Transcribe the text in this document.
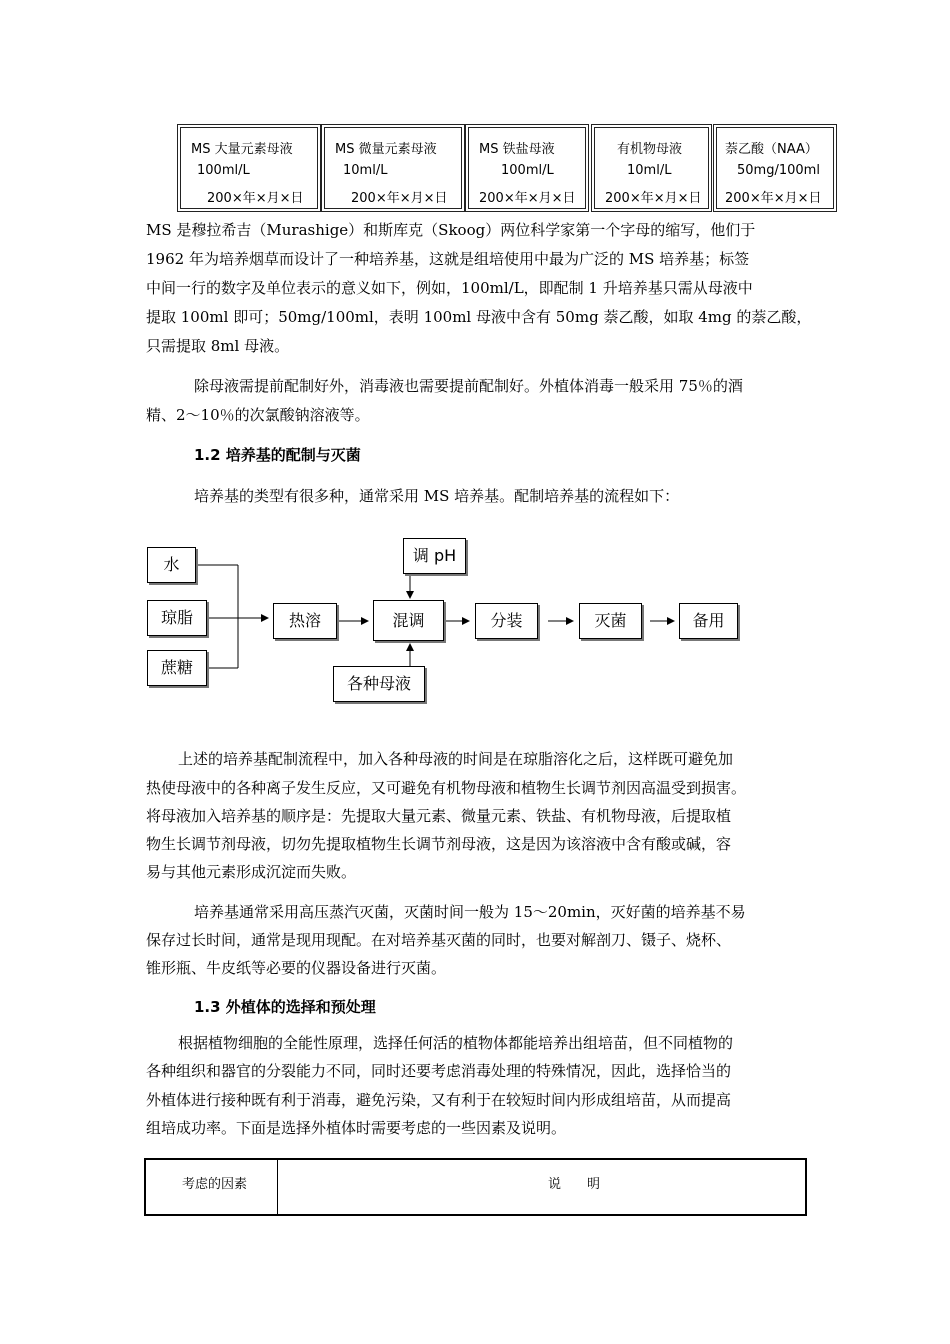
MS 大量元素母液
100ml/L
200×年×月×日
MS 微量元素母液
10ml/L
200×年×月×日
MS 铁盐母液
100ml/L
200×年×月×日
有机物母液
10ml/L
200×年×月×日
萘乙酸（NAA）
50mg/100ml
200×年×月×日
MS 是穆拉希吉（Murashige）和斯库克（Skoog）两位科学家第一个字母的缩写，他们于
1962 年为培养烟草而设计了一种培养基，这就是组培使用中最为广泛的 MS 培养基；标签
中间一行的数字及单位表示的意义如下，例如，100ml/L，即配制 1 升培养基只需从母液中
提取 100ml 即可；50mg/100ml，表明 100ml 母液中含有 50mg 萘乙酸，如取 4mg 的萘乙酸，
只需提取 8ml 母液。
除母液需提前配制好外，消毒液也需要提前配制好。外植体消毒一般采用 75％的酒
精、2～10％的次氯酸钠溶液等。
1.2 培养基的配制与灭菌
培养基的类型有很多种，通常采用 MS 培养基。配制培养基的流程如下：
水
琼脂
蔗糖
调 pH
热溶	混调	分装	灭菌	备用
各种母液
上述的培养基配制流程中，加入各种母液的时间是在琼脂溶化之后，这样既可避免加
热使母液中的各种离子发生反应，又可避免有机物母液和植物生长调节剂因高温受到损害。
将母液加入培养基的顺序是：先提取大量元素、微量元素、铁盐、有机物母液，后提取植
物生长调节剂母液，切勿先提取植物生长调节剂母液，这是因为该溶液中含有酸或碱，容
易与其他元素形成沉淀而失败。
培养基通常采用高压蒸汽灭菌，灭菌时间一般为 15～20min，灭好菌的培养基不易
保存过长时间，通常是现用现配。在对培养基灭菌的同时，也要对解剖刀、镊子、烧杯、
锥形瓶、牛皮纸等必要的仪器设备进行灭菌。
1.3 外植体的选择和预处理
根据植物细胞的全能性原理，选择任何活的植物体都能培养出组培苗，但不同植物的
各种组织和器官的分裂能力不同，同时还要考虑消毒处理的特殊情况，因此，选择恰当的
外植体进行接种既有利于消毒，避免污染，又有利于在较短时间内形成组培苗，从而提高
组培成功率。下面是选择外植体时需要考虑的一些因素及说明。
考虑的因素	说　　明
